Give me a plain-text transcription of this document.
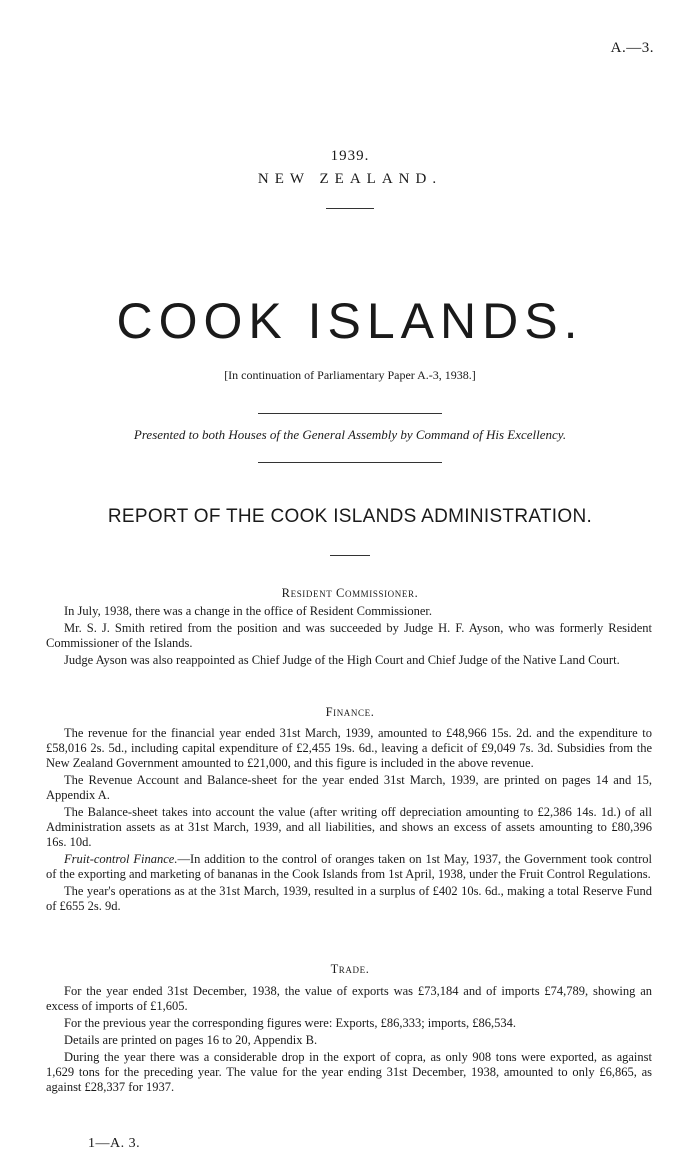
A.—3.
1939.
NEW ZEALAND.
COOK ISLANDS.
[In continuation of Parliamentary Paper A.-3, 1938.]
Presented to both Houses of the General Assembly by Command of His Excellency.
REPORT OF THE COOK ISLANDS ADMINISTRATION.
Resident Commissioner.

In July, 1938, there was a change in the office of Resident Commissioner.

Mr. S. J. Smith retired from the position and was succeeded by Judge H. F. Ayson, who was formerly Resident Commissioner of the Islands.

Judge Ayson was also reappointed as Chief Judge of the High Court and Chief Judge of the Native Land Court.

Finance.

The revenue for the financial year ended 31st March, 1939, amounted to £48,966 15s. 2d. and the expenditure to £58,016 2s. 5d., including capital expenditure of £2,455 19s. 6d., leaving a deficit of £9,049 7s. 3d. Subsidies from the New Zealand Government amounted to £21,000, and this figure is included in the above revenue.

The Revenue Account and Balance-sheet for the year ended 31st March, 1939, are printed on pages 14 and 15, Appendix A.

The Balance-sheet takes into account the value (after writing off depreciation amounting to £2,386 14s. 1d.) of all Administration assets as at 31st March, 1939, and all liabilities, and shows an excess of assets amounting to £80,396 16s. 10d.

Fruit-control Finance.—In addition to the control of oranges taken on 1st May, 1937, the Government took control of the exporting and marketing of bananas in the Cook Islands from 1st April, 1938, under the Fruit Control Regulations.

The year's operations as at the 31st March, 1939, resulted in a surplus of £402 10s. 6d., making a total Reserve Fund of £655 2s. 9d.

Trade.

For the year ended 31st December, 1938, the value of exports was £73,184 and of imports £74,789, showing an excess of imports of £1,605.

For the previous year the corresponding figures were: Exports, £86,333; imports, £86,534.

Details are printed on pages 16 to 20, Appendix B.

During the year there was a considerable drop in the export of copra, as only 908 tons were exported, as against 1,629 tons for the preceding year. The value for the year ending 31st December, 1938, amounted to only £6,865, as against £28,337 for 1937.

1—A. 3.
